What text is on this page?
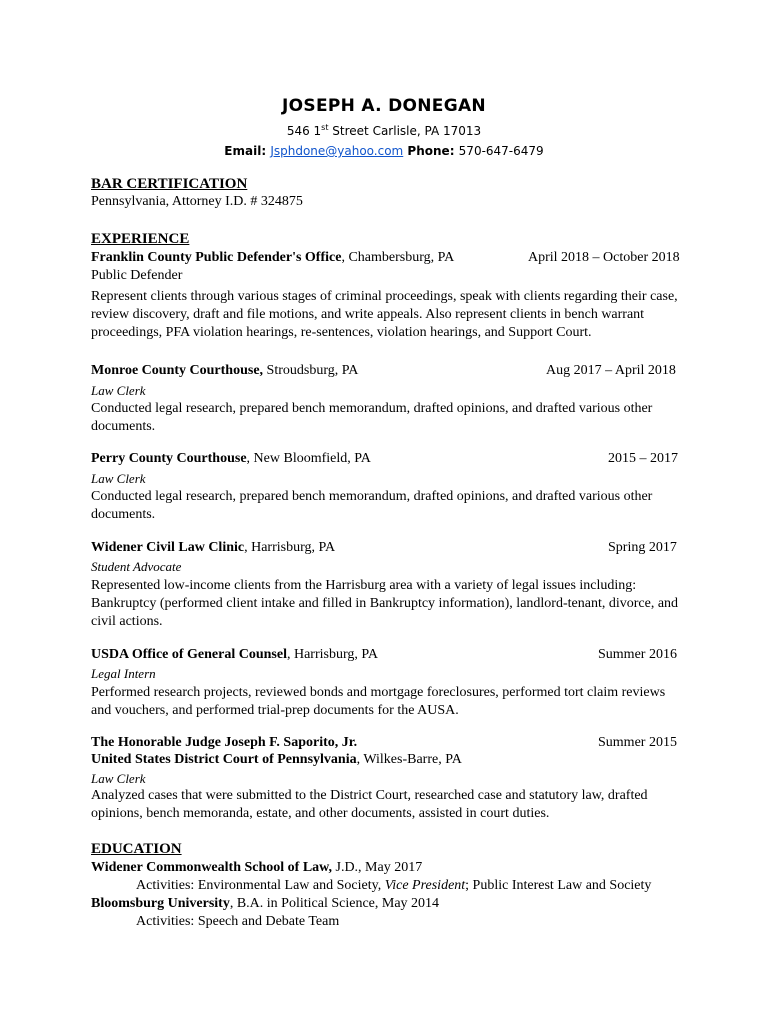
JOSEPH A. DONEGAN
546 1st Street Carlisle, PA 17013
Email: Jsphdone@yahoo.com Phone: 570-647-6479
BAR CERTIFICATION
Pennsylvania, Attorney I.D. # 324875
EXPERIENCE
Franklin County Public Defender's Office, Chambersburg, PA	April 2018 – October 2018
Public Defender
Represent clients through various stages of criminal proceedings, speak with clients regarding their case,
review discovery, draft and file motions, and write appeals. Also represent clients in bench warrant
proceedings, PFA violation hearings, re-sentences, violation hearings, and Support Court.
Monroe County Courthouse, Stroudsburg, PA	Aug 2017 – April 2018
Law Clerk
Conducted legal research, prepared bench memorandum, drafted opinions, and drafted various other
documents.
Perry County Courthouse, New Bloomfield, PA	2015 – 2017
Law Clerk
Conducted legal research, prepared bench memorandum, drafted opinions, and drafted various other
documents.
Widener Civil Law Clinic, Harrisburg, PA	Spring 2017
Student Advocate
Represented low-income clients from the Harrisburg area with a variety of legal issues including:
Bankruptcy (performed client intake and filled in Bankruptcy information), landlord-tenant, divorce, and
civil actions.
USDA Office of General Counsel, Harrisburg, PA	Summer 2016
Legal Intern
Performed research projects, reviewed bonds and mortgage foreclosures, performed tort claim reviews
and vouchers, and performed trial-prep documents for the AUSA.
The Honorable Judge Joseph F. Saporito, Jr.	Summer 2015
United States District Court of Pennsylvania, Wilkes-Barre, PA
Law Clerk
Analyzed cases that were submitted to the District Court, researched case and statutory law, drafted
opinions, bench memoranda, estate, and other documents, assisted in court duties.
EDUCATION
Widener Commonwealth School of Law, J.D., May 2017
Activities: Environmental Law and Society, Vice President; Public Interest Law and Society
Bloomsburg University, B.A. in Political Science, May 2014
Activities: Speech and Debate Team
